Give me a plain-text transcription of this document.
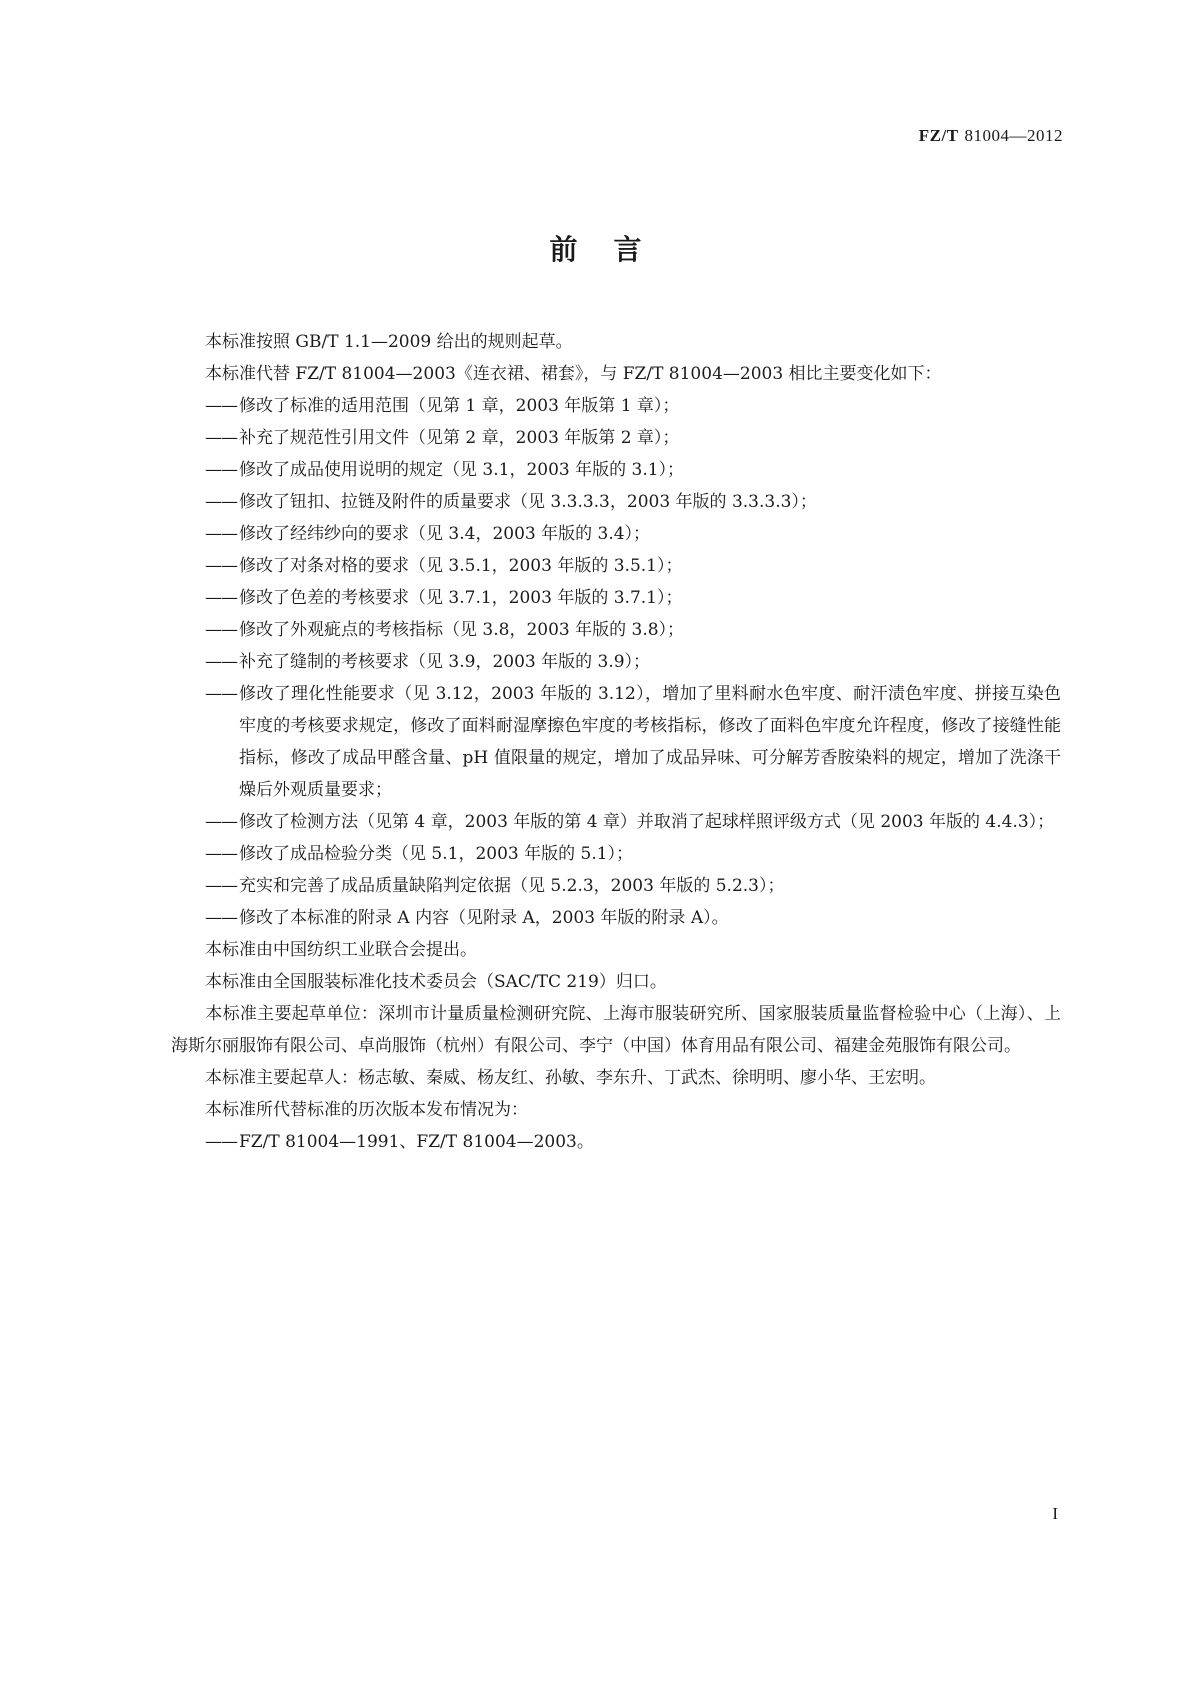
FZ/T 81004—2012
前言

本标准按照 GB/T 1.1—2009 给出的规则起草。

本标准代替 FZ/T 81004—2003《连衣裙、裙套》，与 FZ/T 81004—2003 相比主要变化如下：

—— 修改了标准的适用范围（见第 1 章，2003 年版第 1 章）；
—— 补充了规范性引用文件（见第 2 章，2003 年版第 2 章）；
—— 修改了成品使用说明的规定（见 3.1，2003 年版的 3.1）；
—— 修改了钮扣、拉链及附件的质量要求（见 3.3.3.3，2003 年版的 3.3.3.3）；
—— 修改了经纬纱向的要求（见 3.4，2003 年版的 3.4）；
—— 修改了对条对格的要求（见 3.5.1，2003 年版的 3.5.1）；
—— 修改了色差的考核要求（见 3.7.1，2003 年版的 3.7.1）；
—— 修改了外观疵点的考核指标（见 3.8，2003 年版的 3.8）；
—— 补充了缝制的考核要求（见 3.9，2003 年版的 3.9）；
—— 修改了理化性能要求（见 3.12，2003 年版的 3.12），增加了里料耐水色牢度、耐汗渍色牢度、拼接互染色牢度的考核要求规定，修改了面料耐湿摩擦色牢度的考核指标，修改了面料色牢度允许程度，修改了接缝性能指标，修改了成品甲醛含量、pH 值限量的规定，增加了成品异味、可分解芳香胺染料的规定，增加了洗涤干燥后外观质量要求；
—— 修改了检测方法（见第 4 章，2003 年版的第 4 章）并取消了起球样照评级方式（见 2003 年版的 4.4.3）；
—— 修改了成品检验分类（见 5.1，2003 年版的 5.1）；
—— 充实和完善了成品质量缺陷判定依据（见 5.2.3，2003 年版的 5.2.3）；
—— 修改了本标准的附录 A 内容（见附录 A，2003 年版的附录 A）。

本标准由中国纺织工业联合会提出。

本标准由全国服装标准化技术委员会（SAC/TC 219）归口。

本标准主要起草单位：深圳市计量质量检测研究院、上海市服装研究所、国家服装质量监督检验中心（上海）、上海斯尔丽服饰有限公司、卓尚服饰（杭州）有限公司、李宁（中国）体育用品有限公司、福建金苑服饰有限公司。

本标准主要起草人：杨志敏、秦威、杨友红、孙敏、李东升、丁武杰、徐明明、廖小华、王宏明。

本标准所代替标准的历次版本发布情况为：

—— FZ/T 81004—1991、FZ/T 81004—2003。
I
